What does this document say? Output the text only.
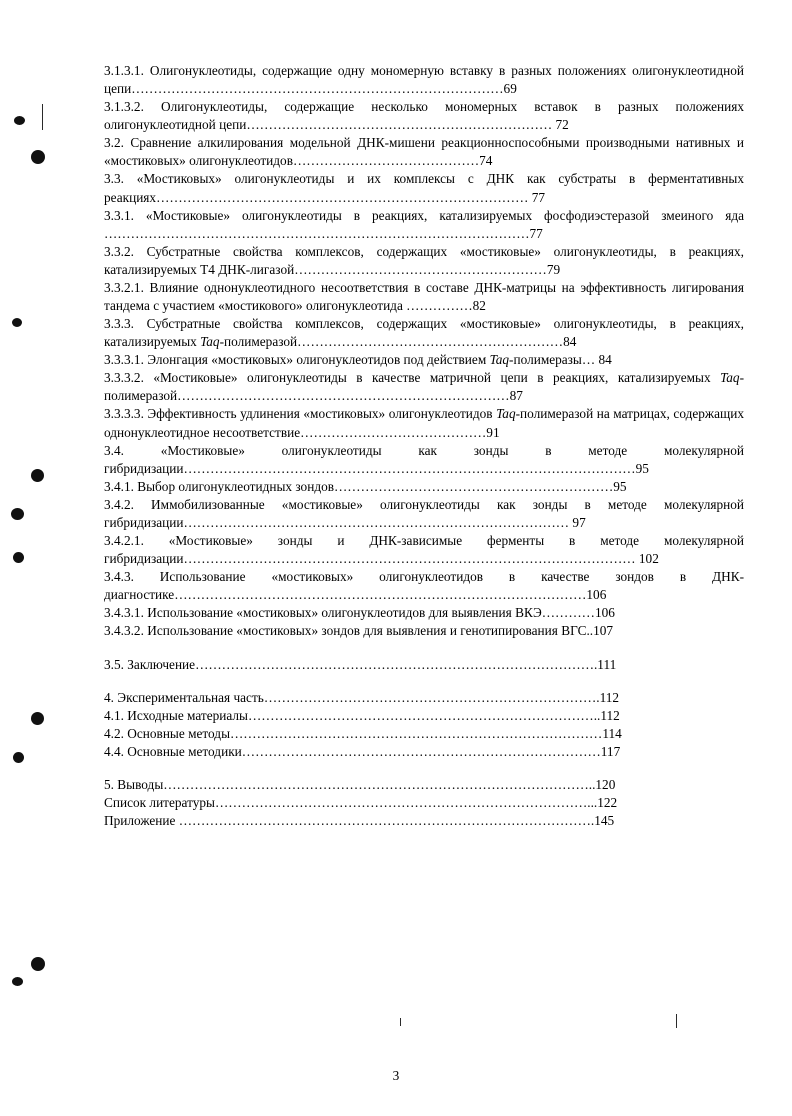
3.1.3.1. Олигонуклеотиды, содержащие одну мономерную вставку в разных положениях олигонуклеотидной цепи…………………………………………………………………………69

3.1.3.2. Олигонуклеотиды, содержащие несколько мономерных вставок в разных положениях олигонуклеотидной цепи…………………………………………………………… 72

3.2. Сравнение алкилирования модельной ДНК-мишени реакционноспособными производными нативных и «мостиковых» олигонуклеотидов……………………………………74

3.3. «Мостиковых» олигонуклеотиды и их комплексы с ДНК как субстраты в ферментативных реакциях………………………………………………………………………… 77

3.3.1. «Мостиковые» олигонуклеотиды в реакциях, катализируемых фосфодиэстеразой змеиного яда ……………………………………………………………………………………77

3.3.2. Субстратные свойства комплексов, содержащих «мостиковые» олигонуклеотиды, в реакциях, катализируемых Т4 ДНК-лигазой…………………………………………………79

3.3.2.1. Влияние однонуклеотидного несоответствия в составе ДНК-матрицы на эффективность лигирования тандема с участием «мостикового» олигонуклеотида ……………82

3.3.3. Субстратные свойства комплексов, содержащих «мостиковые» олигонуклеотиды, в реакциях, катализируемых Taq-полимеразой……………………………………………………84

3.3.3.1. Элонгация «мостиковых» олигонуклеотидов под действием Taq-полимеразы… 84

3.3.3.2. «Мостиковые» олигонуклеотиды в качестве матричной цепи в реакциях, катализируемых Taq-полимеразой…………………………………………………………………87

3.3.3.3. Эффективность удлинения «мостиковых» олигонуклеотидов Taq-полимеразой на матрицах, содержащих однонуклеотидное несоответствие……………………………………91

3.4. «Мостиковые» олигонуклеотиды как зонды в методе молекулярной гибридизации…………………………………………………………………………………………95

3.4.1. Выбор олигонуклеотидных зондов………………………………………………………95

3.4.2. Иммобилизованные «мостиковые» олигонуклеотиды как зонды в методе молекулярной гибридизации…………………………………………………………………………… 97

3.4.2.1. «Мостиковые» зонды и ДНК-зависимые ферменты в методе молекулярной гибридизации………………………………………………………………………………………… 102

3.4.3. Использование «мостиковых» олигонуклеотидов в качестве зондов в ДНК-диагностике…………………………………………………………………………………106

3.4.3.1. Использование «мостиковых» олигонуклеотидов для выявления ВКЭ…………106

3.4.3.2. Использование «мостиковых» зондов для выявления и генотипирования ВГС..107

3.5. Заключение……………………………………………………………………………….111

4. Экспериментальная часть………………………………………………………………….112

4.1. Исходные материалы……………………………………………………………………..112

4.2. Основные методы…………………………………………………………………………114

4.4. Основные методики………………………………………………………………………117

5. Выводы……………………………………………………………………………………..120

Список литературы…………………………………………………………………………...122

Приложение ………………………………………………………………………………….145

3
